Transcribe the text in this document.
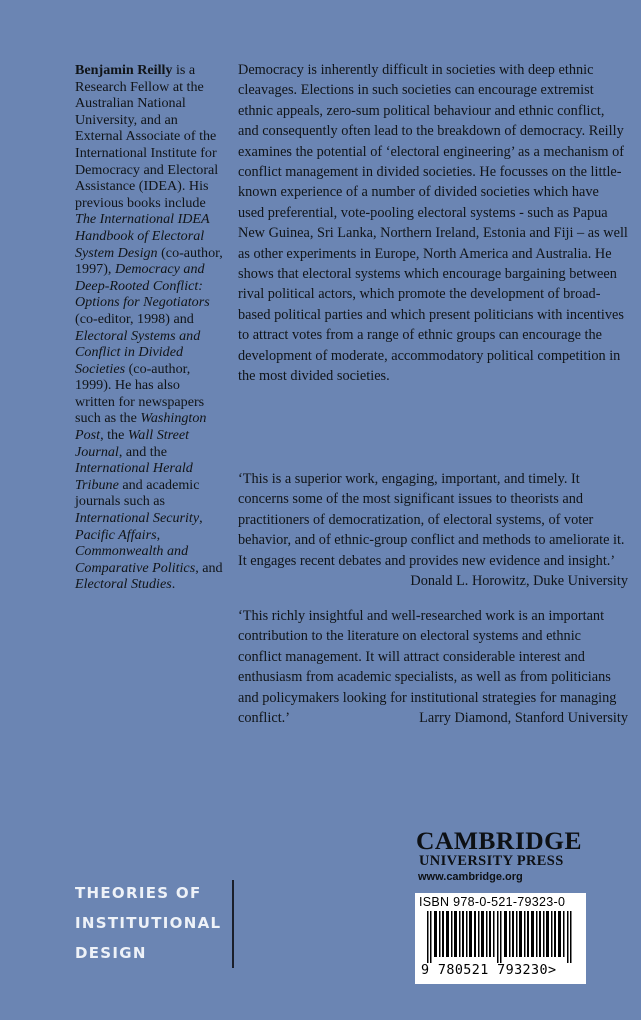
Benjamin Reilly is a Research Fellow at the Australian National University, and an External Associate of the International Institute for Democracy and Electoral Assistance (IDEA). His previous books include The International IDEA Handbook of Electoral System Design (co-author, 1997), Democracy and Deep-Rooted Conflict: Options for Negotiators (co-editor, 1998) and Electoral Systems and Conflict in Divided Societies (co-author, 1999). He has also written for newspapers such as the Washington Post, the Wall Street Journal, and the International Herald Tribune and academic journals such as International Security, Pacific Affairs, Commonwealth and Comparative Politics, and Electoral Studies.

Democracy is inherently difficult in societies with deep ethnic cleavages. Elections in such societies can encourage extremist ethnic appeals, zero-sum political behaviour and ethnic conflict, and consequently often lead to the breakdown of democracy. Reilly examines the potential of ‘electoral engineering’ as a mechanism of conflict management in divided societies. He focusses on the little-known experience of a number of divided societies which have used preferential, vote-pooling electoral systems - such as Papua New Guinea, Sri Lanka, Northern Ireland, Estonia and Fiji – as well as other experiments in Europe, North America and Australia. He shows that electoral systems which encourage bargaining between rival political actors, which promote the development of broad-based political parties and which present politicians with incentives to attract votes from a range of ethnic groups can encourage the development of moderate, accommodatory political competition in the most divided societies.

‘This is a superior work, engaging, important, and timely. It concerns some of the most significant issues to theorists and practitioners of democratization, of electoral systems, of voter behavior, and of ethnic-group conflict and methods to ameliorate it. It engages recent debates and provides new evidence and insight.’

Donald L. Horowitz, Duke University

‘This richly insightful and well-researched work is an important contribution to the literature on electoral systems and ethnic conflict management. It will attract considerable interest and enthusiasm from academic specialists, as well as from politicians and policymakers looking for institutional strategies for managing conflict.’	Larry Diamond, Stanford University

THEORIES OF
INSTITUTIONAL
DESIGN
CAMBRIDGE
UNIVERSITY PRESS
www.cambridge.org
ISBN 978-0-521-79323-0
9 780521 793230>
